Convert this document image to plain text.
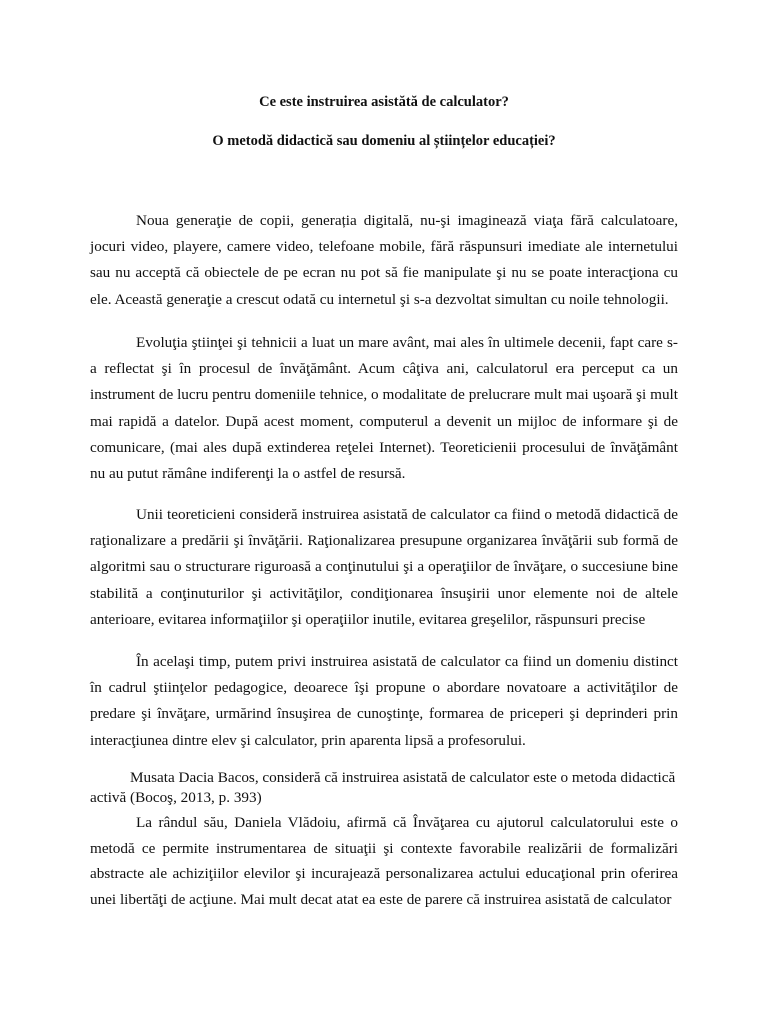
Ce este instruirea asistătă de calculator?
O metodă didactică sau domeniu al științelor educației?

Noua generaţie de copii, generația digitală, nu-şi imaginează viaţa fără calculatoare, jocuri video, playere, camere video, telefoane mobile, fără răspunsuri imediate ale internetului sau nu acceptă că obiectele de pe ecran nu pot să fie manipulate şi nu se poate interacţiona cu ele. Această generaţie a crescut odată cu internetul şi s-a dezvoltat simultan cu noile tehnologii.

Evoluţia ştiinţei şi tehnicii a luat un mare avânt, mai ales în ultimele decenii, fapt care s-a reflectat şi în procesul de învăţământ. Acum câţiva ani, calculatorul era perceput ca un instrument de lucru pentru domeniile tehnice, o modalitate de prelucrare mult mai uşoară şi mult mai rapidă a datelor. După acest moment, computerul a devenit un mijloc de informare şi de comunicare, (mai ales după extinderea reţelei Internet). Teoreticienii procesului de învăţământ nu au putut rămâne indiferenţi la o astfel de resursă.

Unii teoreticieni consideră instruirea asistată de calculator ca fiind o metodă didactică de raţionalizare a predării şi învăţării. Raţionalizarea presupune organizarea învăţării sub formă de algoritmi sau o structurare riguroasă a conţinutului şi a operaţiilor de învăţare, o succesiune bine stabilită a conţinuturilor şi activităţilor, condiţionarea însuşirii unor elemente noi de altele anterioare, evitarea informaţiilor şi operaţiilor inutile, evitarea greşelilor, răspunsuri precise

În acelaşi timp, putem privi instruirea asistată de calculator ca fiind un domeniu distinct în cadrul ştiinţelor pedagogice, deoarece îşi propune o abordare novatoare a activităţilor de predare şi învăţare, urmărind însuşirea de cunoştinţe, formarea de priceperi şi deprinderi prin interacţiunea dintre elev şi calculator, prin aparenta lipsă a profesorului.

Musata Dacia Bacos, consideră că instruirea asistată de calculator este o metoda didactică activă (Bocoş, 2013, p. 393)

La rândul său, Daniela Vlădoiu, afirmă că Învăţarea cu ajutorul calculatorului este o metodă ce permite instrumentarea de situaţii şi contexte favorabile realizării de formalizări abstracte ale achiziţiilor elevilor şi incurajează personalizarea actului educaţional prin oferirea unei libertăţi de acţiune. Mai mult decat atat ea este de parere că instruirea asistată de calculator
